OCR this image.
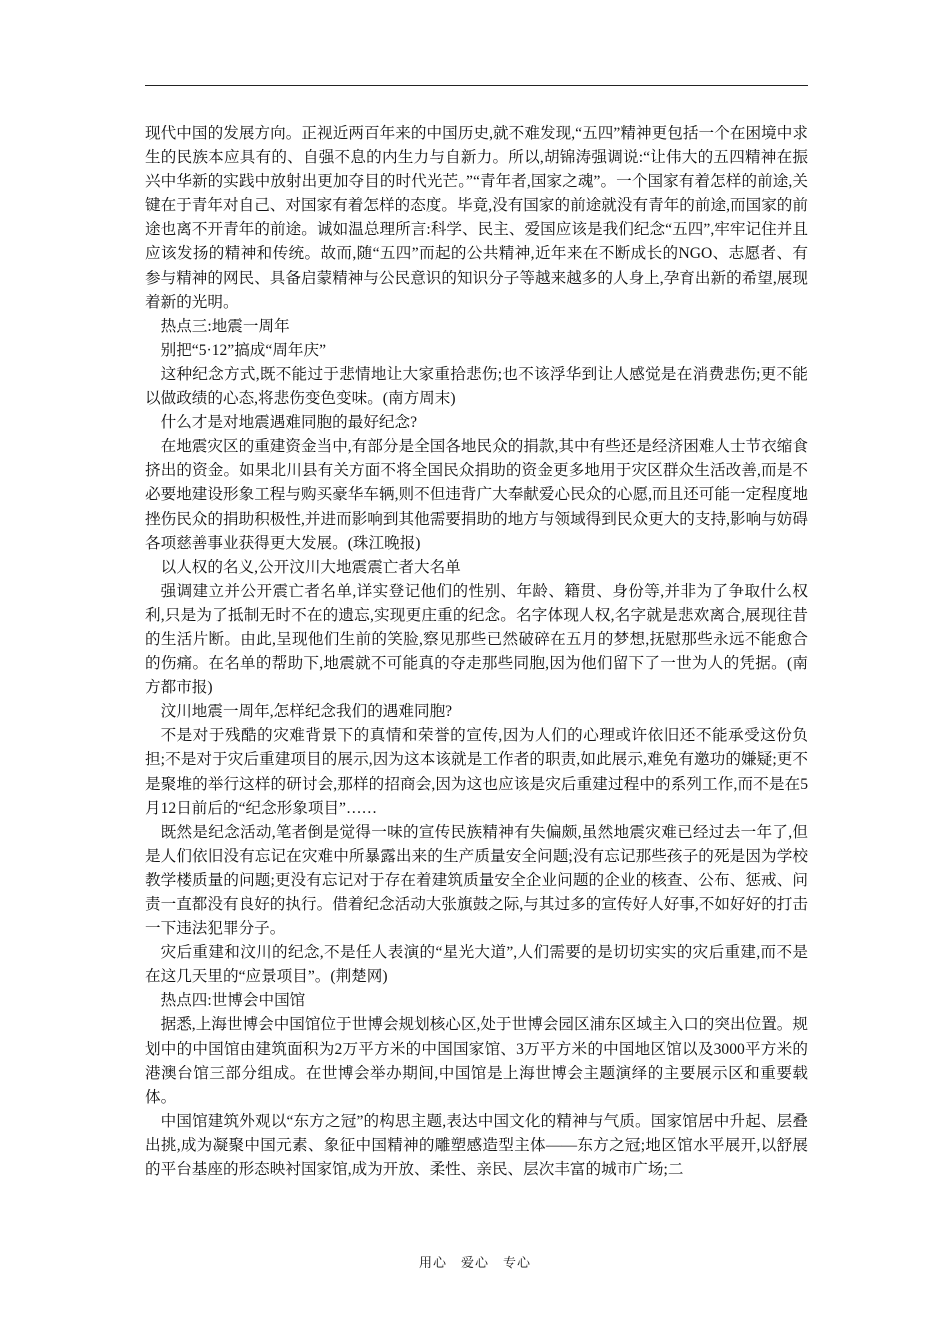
现代中国的发展方向。正视近两百年来的中国历史,就不难发现,“五四”精神更包括一个在困境中求生的民族本应具有的、自强不息的内生力与自新力。所以,胡锦涛强调说:“让伟大的五四精神在振兴中华新的实践中放射出更加夺目的时代光芒。”“青年者,国家之魂”。一个国家有着怎样的前途,关键在于青年对自己、对国家有着怎样的态度。毕竟,没有国家的前途就没有青年的前途,而国家的前途也离不开青年的前途。诚如温总理所言:科学、民主、爱国应该是我们纪念“五四”,牢牢记住并且应该发扬的精神和传统。故而,随“五四”而起的公共精神,近年来在不断成长的NGO、志愿者、有参与精神的网民、具备启蒙精神与公民意识的知识分子等越来越多的人身上,孕育出新的希望,展现着新的光明。

热点三:地震一周年

别把“5·12”搞成“周年庆”

这种纪念方式,既不能过于悲情地让大家重拾悲伤;也不该浮华到让人感觉是在消费悲伤;更不能以做政绩的心态,将悲伤变色变味。(南方周末)

什么才是对地震遇难同胞的最好纪念?

在地震灾区的重建资金当中,有部分是全国各地民众的捐款,其中有些还是经济困难人士节衣缩食挤出的资金。如果北川县有关方面不将全国民众捐助的资金更多地用于灾区群众生活改善,而是不必要地建设形象工程与购买豪华车辆,则不但违背广大奉献爱心民众的心愿,而且还可能一定程度地挫伤民众的捐助积极性,并进而影响到其他需要捐助的地方与领域得到民众更大的支持,影响与妨碍各项慈善事业获得更大发展。(珠江晚报)

以人权的名义,公开汶川大地震震亡者大名单

强调建立并公开震亡者名单,详实登记他们的性别、年龄、籍贯、身份等,并非为了争取什么权利,只是为了抵制无时不在的遗忘,实现更庄重的纪念。名字体现人权,名字就是悲欢离合,展现往昔的生活片断。由此,呈现他们生前的笑脸,察见那些已然破碎在五月的梦想,抚慰那些永远不能愈合的伤痛。在名单的帮助下,地震就不可能真的夺走那些同胞,因为他们留下了一世为人的凭据。(南方都市报)

汶川地震一周年,怎样纪念我们的遇难同胞?

不是对于残酷的灾难背景下的真情和荣誉的宣传,因为人们的心理或许依旧还不能承受这份负担;不是对于灾后重建项目的展示,因为这本该就是工作者的职责,如此展示,难免有邀功的嫌疑;更不是聚堆的举行这样的研讨会,那样的招商会,因为这也应该是灾后重建过程中的系列工作,而不是在5月12日前后的“纪念形象项目”……

既然是纪念活动,笔者倒是觉得一味的宣传民族精神有失偏颇,虽然地震灾难已经过去一年了,但是人们依旧没有忘记在灾难中所暴露出来的生产质量安全问题;没有忘记那些孩子的死是因为学校教学楼质量的问题;更没有忘记对于存在着建筑质量安全企业问题的企业的核查、公布、惩戒、问责一直都没有良好的执行。借着纪念活动大张旗鼓之际,与其过多的宣传好人好事,不如好好的打击一下违法犯罪分子。

灾后重建和汶川的纪念,不是任人表演的“星光大道”,人们需要的是切切实实的灾后重建,而不是在这几天里的“应景项目”。(荆楚网)

热点四:世博会中国馆

据悉,上海世博会中国馆位于世博会规划核心区,处于世博会园区浦东区域主入口的突出位置。规划中的中国馆由建筑面积为2万平方米的中国国家馆、3万平方米的中国地区馆以及3000平方米的港澳台馆三部分组成。在世博会举办期间,中国馆是上海世博会主题演绎的主要展示区和重要载体。

中国馆建筑外观以“东方之冠”的构思主题,表达中国文化的精神与气质。国家馆居中升起、层叠出挑,成为凝聚中国元素、象征中国精神的雕塑感造型主体——东方之冠;地区馆水平展开,以舒展的平台基座的形态映衬国家馆,成为开放、柔性、亲民、层次丰富的城市广场;二

用心　爱心　专心
